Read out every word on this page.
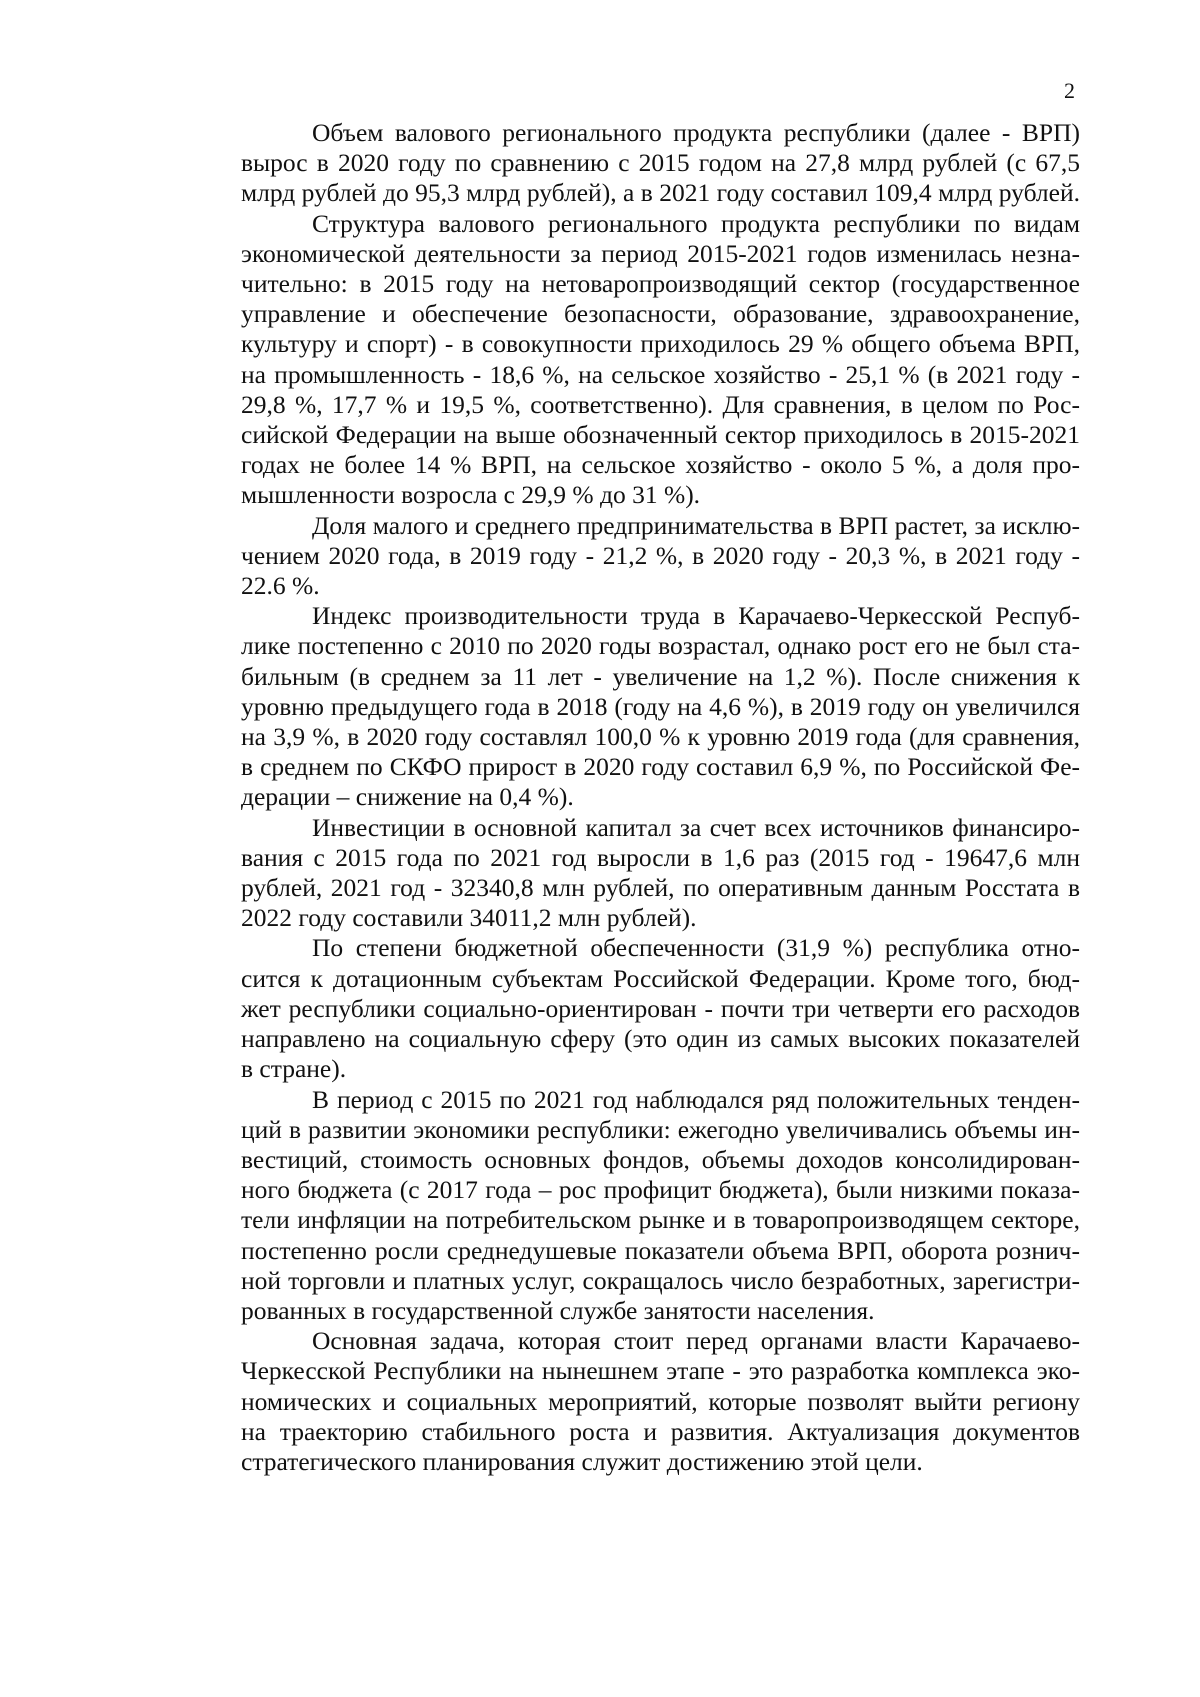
2
Объем валового регионального продукта республики (далее - ВРП)
вырос в 2020 году по сравнению с 2015 годом на 27,8 млрд рублей (с 67,5
млрд рублей до 95,3 млрд рублей), а в 2021 году составил 109,4 млрд рублей.
Структура валового регионального продукта республики по видам
экономической деятельности за период 2015-2021 годов изменилась незна-
чительно: в 2015 году на нетоваропроизводящий сектор (государственное
управление и обеспечение безопасности, образование, здравоохранение,
культуру и спорт) - в совокупности приходилось 29 % общего объема ВРП,
на промышленность - 18,6 %, на сельское хозяйство - 25,1 % (в 2021 году -
29,8 %, 17,7 % и 19,5 %, соответственно). Для сравнения, в целом по Рос-
сийской Федерации на выше обозначенный сектор приходилось в 2015-2021
годах не более 14 % ВРП, на сельское хозяйство - около 5 %, а доля про-
мышленности возросла с 29,9 % до 31 %).
Доля малого и среднего предпринимательства в ВРП растет, за исклю-
чением 2020 года, в 2019 году - 21,2 %, в 2020 году - 20,3 %, в 2021 году -
22.6 %.
Индекс производительности труда в Карачаево-Черкесской Респуб-
лике постепенно с 2010 по 2020 годы возрастал, однако рост его не был ста-
бильным (в среднем за 11 лет - увеличение на 1,2 %). После снижения к
уровню предыдущего года в 2018 (году на 4,6 %), в 2019 году он увеличился
на 3,9 %, в 2020 году составлял 100,0 % к уровню 2019 года (для сравнения,
в среднем по СКФО прирост в 2020 году составил 6,9 %, по Российской Фе-
дерации – снижение на 0,4 %).
Инвестиции в основной капитал за счет всех источников финансиро-
вания с 2015 года по 2021 год выросли в 1,6 раз (2015 год - 19647,6 млн
рублей, 2021 год - 32340,8 млн рублей, по оперативным данным Росстата в
2022 году составили 34011,2 млн рублей).
По степени бюджетной обеспеченности (31,9 %) республика отно-
сится к дотационным субъектам Российской Федерации. Кроме того, бюд-
жет республики социально-ориентирован - почти три четверти его расходов
направлено на социальную сферу (это один из самых высоких показателей
в стране).
В период с 2015 по 2021 год наблюдался ряд положительных тенден-
ций в развитии экономики республики: ежегодно увеличивались объемы ин-
вестиций, стоимость основных фондов, объемы доходов консолидирован-
ного бюджета (с 2017 года – рос профицит бюджета), были низкими показа-
тели инфляции на потребительском рынке и в товаропроизводящем секторе,
постепенно росли среднедушевые показатели объема ВРП, оборота рознич-
ной торговли и платных услуг, сокращалось число безработных, зарегистри-
рованных в государственной службе занятости населения.
Основная задача, которая стоит перед органами власти Карачаево-
Черкесской Республики на нынешнем этапе - это разработка комплекса эко-
номических и социальных мероприятий, которые позволят выйти региону
на траекторию стабильного роста и развития. Актуализация документов
стратегического планирования служит достижению этой цели.
